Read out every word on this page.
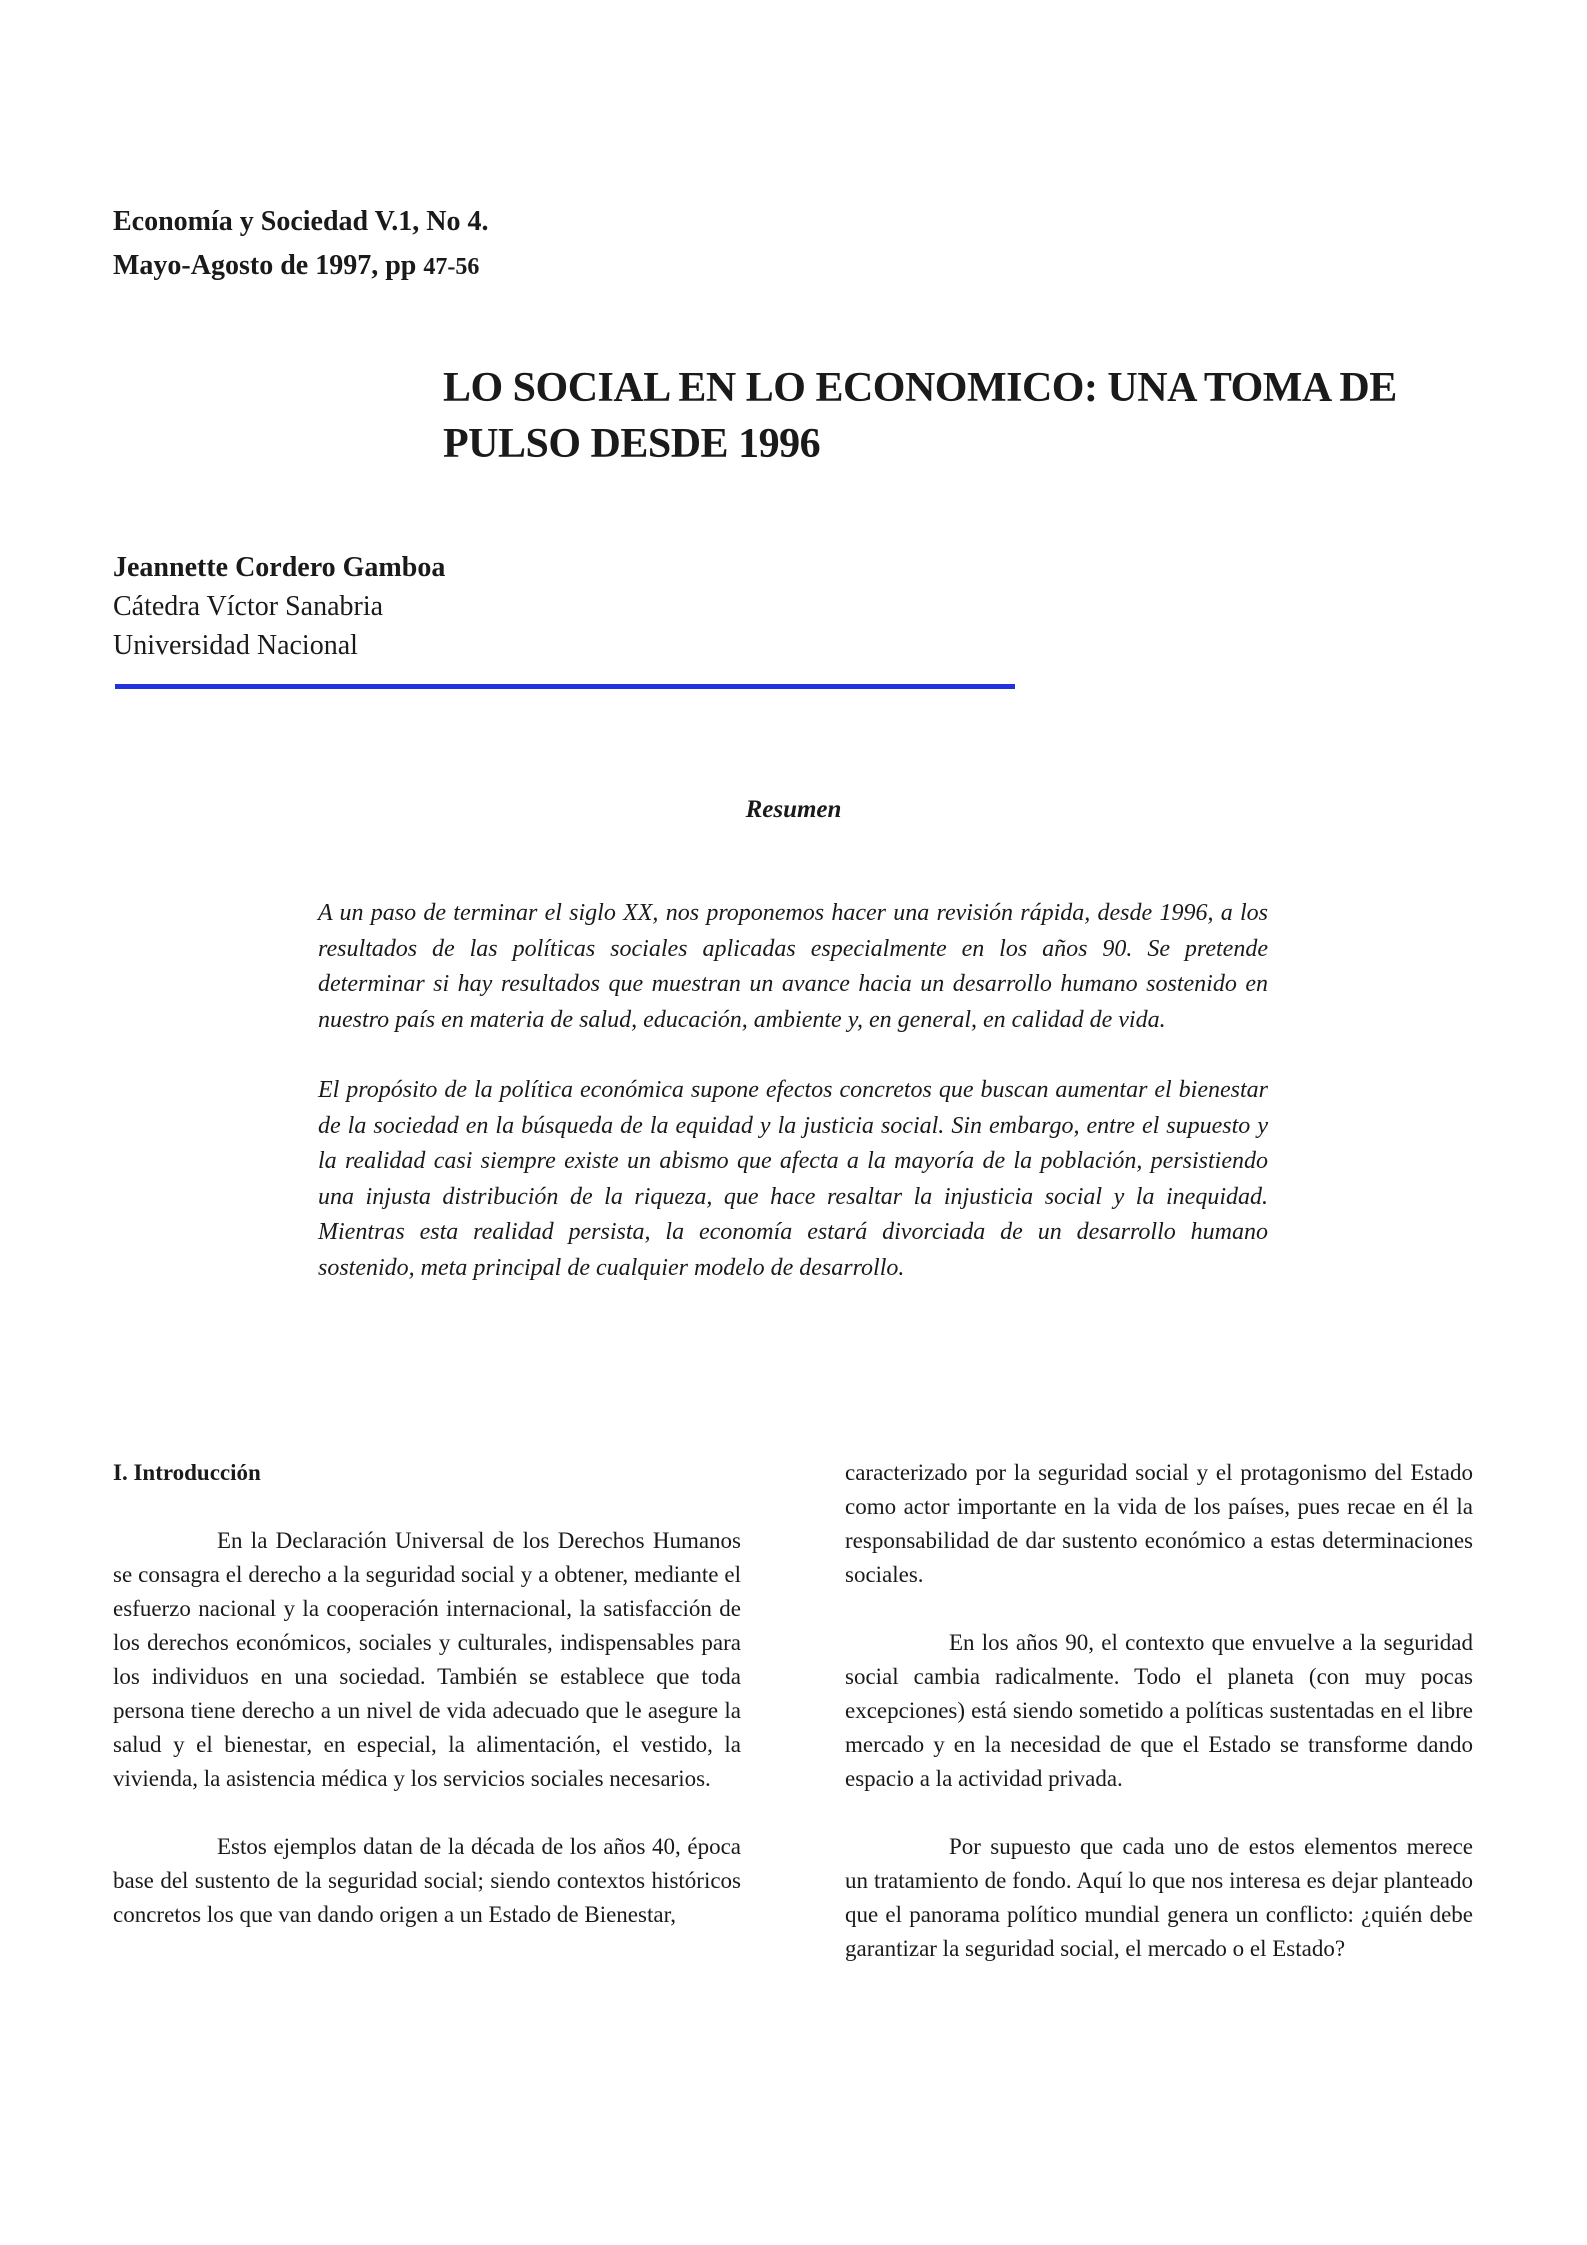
Economía y Sociedad V.1, No 4.
Mayo-Agosto de 1997, pp 47-56
LO SOCIAL EN LO ECONOMICO: UNA TOMA DE PULSO DESDE 1996
Jeannette Cordero Gamboa
Cátedra Víctor Sanabria
Universidad Nacional
Resumen

A un paso de terminar el siglo XX, nos proponemos hacer una revisión rápida, desde 1996, a los resultados de las políticas sociales aplicadas especialmente en los años 90. Se pretende determinar si hay resultados que muestran un avance hacia un desarrollo humano sostenido en nuestro país en materia de salud, educación, ambiente y, en general, en calidad de vida.

El propósito de la política económica supone efectos concretos que buscan aumentar el bienestar de la sociedad en la búsqueda de la equidad y la justicia social. Sin embargo, entre el supuesto y la realidad casi siempre existe un abismo que afecta a la mayoría de la población, persistiendo una injusta distribución de la riqueza, que hace resaltar la injusticia social y la inequidad. Mientras esta realidad persista, la economía estará divorciada de un desarrollo humano sostenido, meta principal de cualquier modelo de desarrollo.

I. Introducción

En la Declaración Universal de los Derechos Humanos se consagra el derecho a la seguridad social y a obtener, mediante el esfuerzo nacional y la cooperación internacional, la satisfacción de los derechos económicos, sociales y culturales, indispensables para los individuos en una sociedad. También se establece que toda persona tiene derecho a un nivel de vida adecuado que le asegure la salud y el bienestar, en especial, la alimentación, el vestido, la vivienda, la asistencia médica y los servicios sociales necesarios.

Estos ejemplos datan de la década de los años 40, época base del sustento de la seguridad social; siendo contextos históricos concretos los que van dando origen a un Estado de Bienestar,

caracterizado por la seguridad social y el protagonismo del Estado como actor importante en la vida de los países, pues recae en él la responsabilidad de dar sustento económico a estas determinaciones sociales.

En los años 90, el contexto que envuelve a la seguridad social cambia radicalmente. Todo el planeta (con muy pocas excepciones) está siendo sometido a políticas sustentadas en el libre mercado y en la necesidad de que el Estado se transforme dando espacio a la actividad privada.

Por supuesto que cada uno de estos elementos merece un tratamiento de fondo. Aquí lo que nos interesa es dejar planteado que el panorama político mundial genera un conflicto: ¿quién debe garantizar la seguridad social, el mercado o el Estado?
